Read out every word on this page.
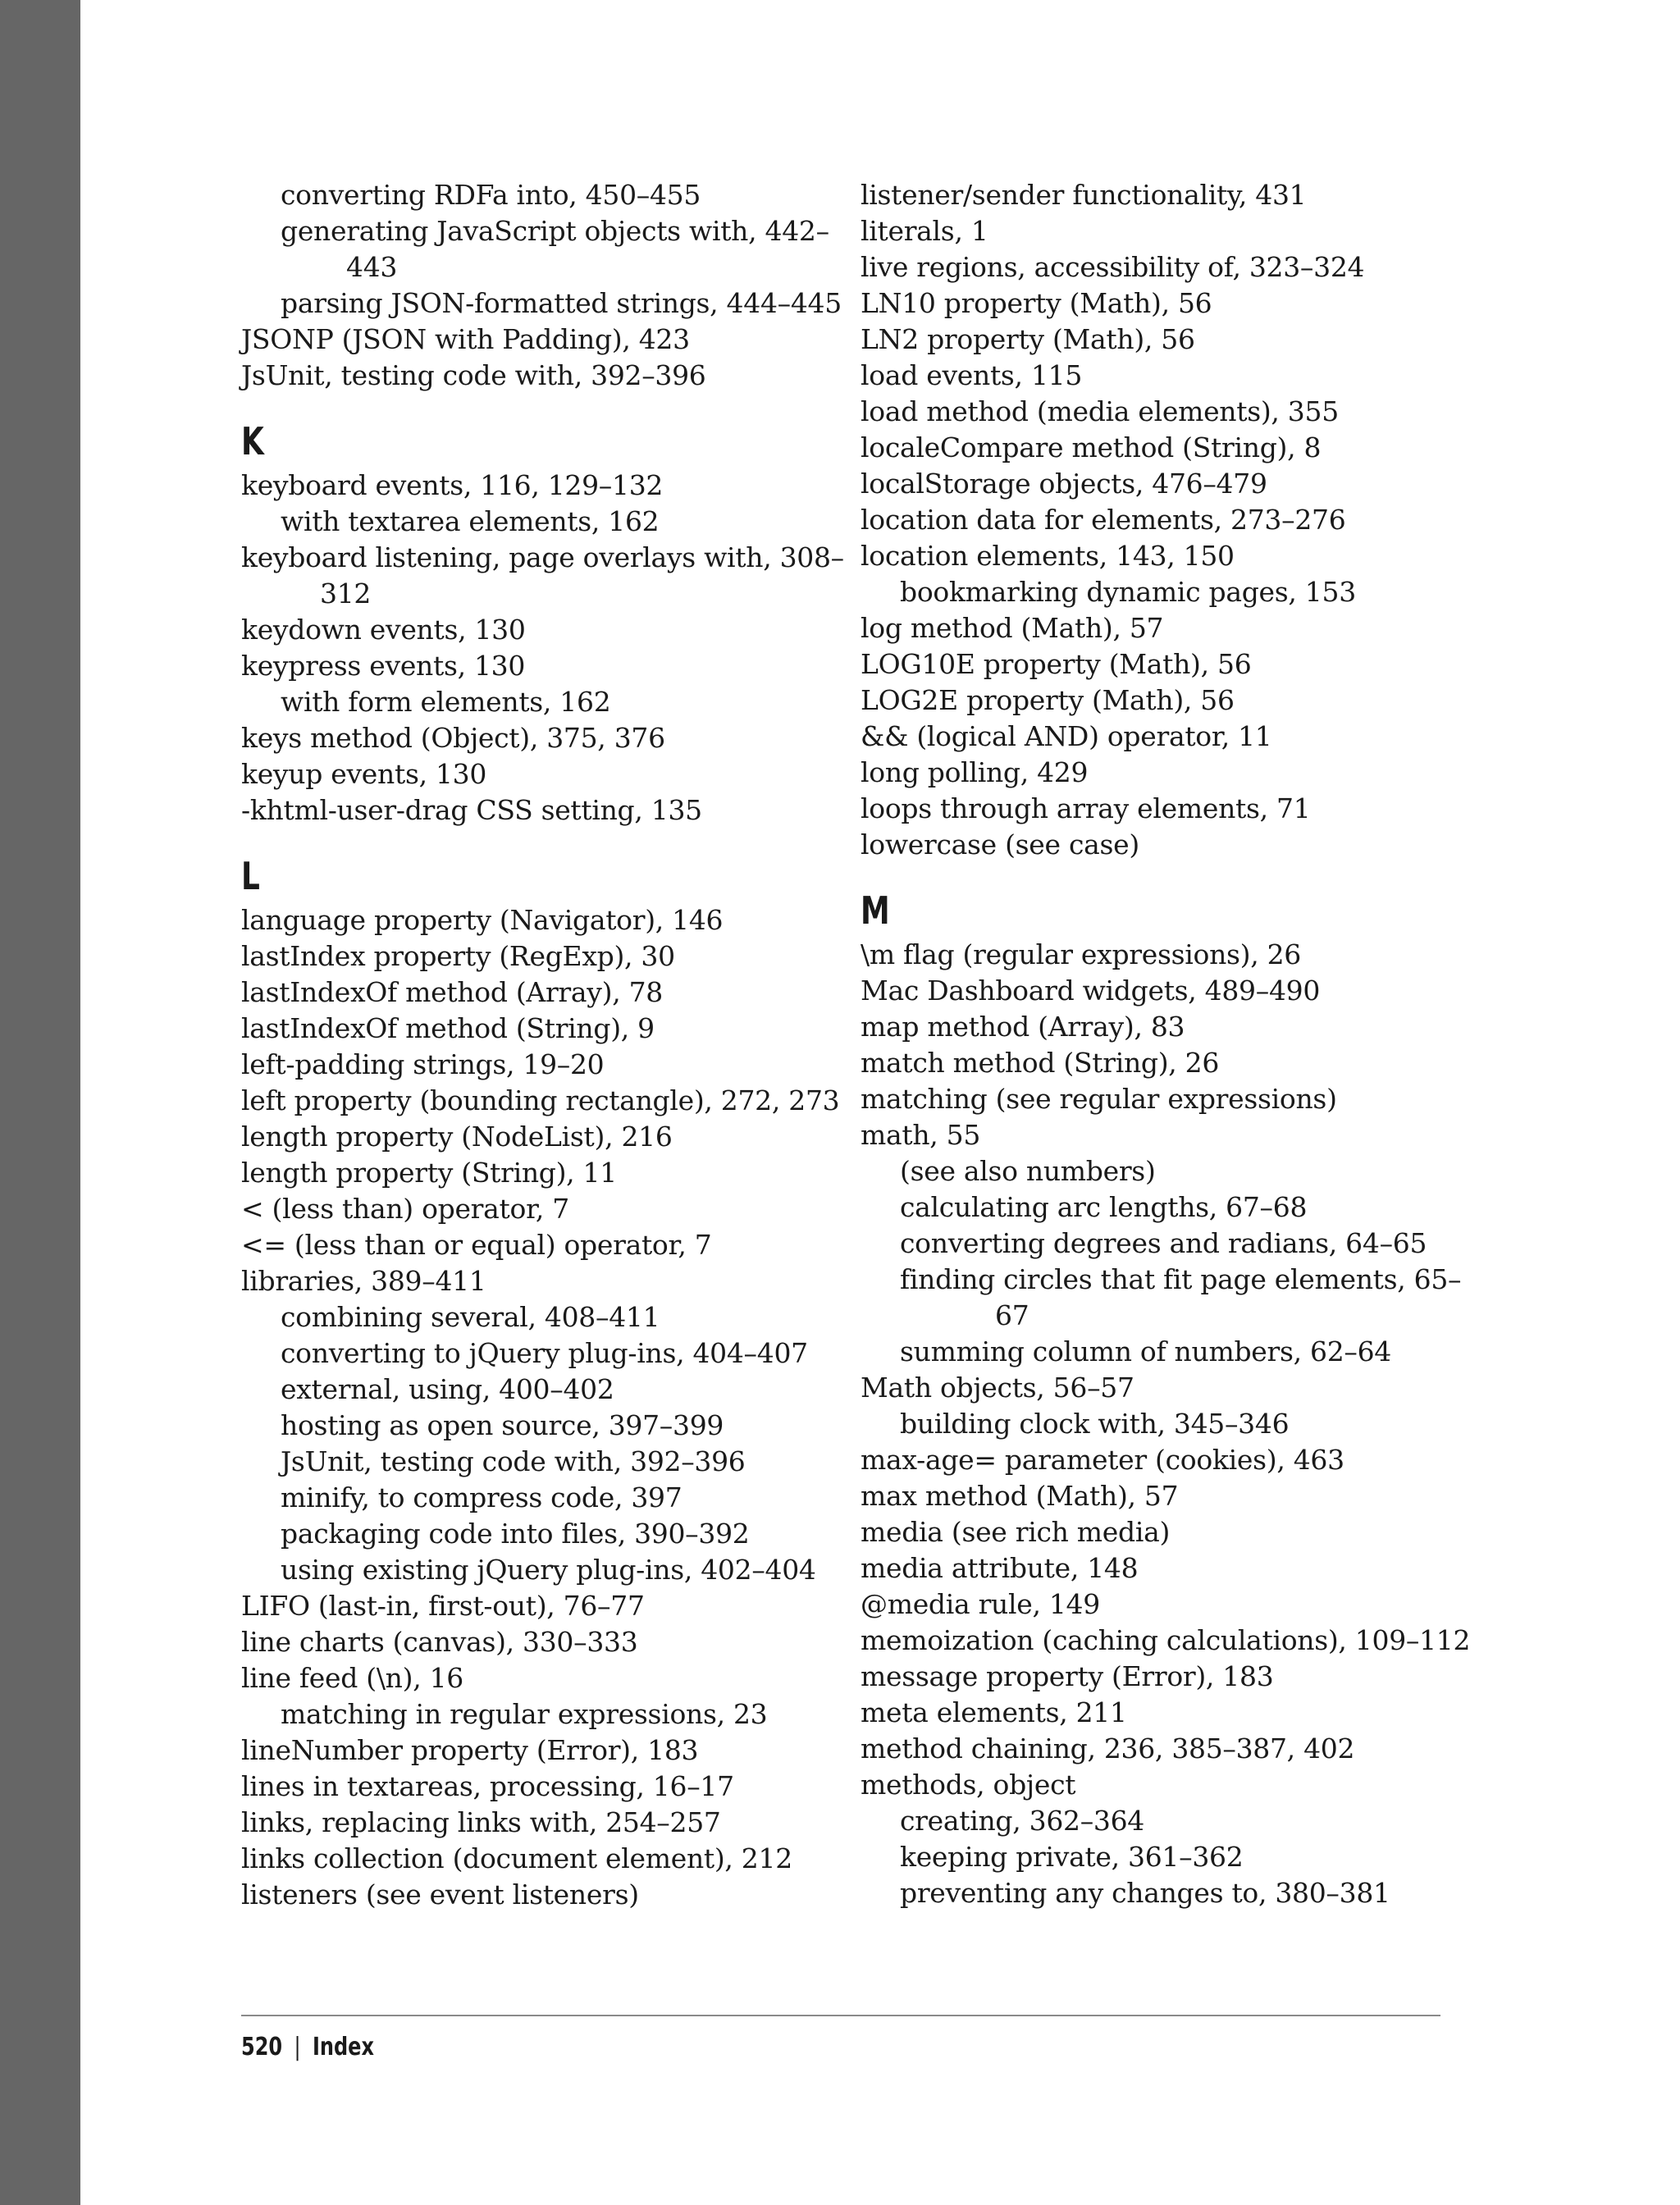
converting RDFa into, 450–455
generating JavaScript objects with, 442–
443
parsing JSON-formatted strings, 444–445
JSONP (JSON with Padding), 423
JsUnit, testing code with, 392–396
K
keyboard events, 116, 129–132
with textarea elements, 162
keyboard listening, page overlays with, 308–
312
keydown events, 130
keypress events, 130
with form elements, 162
keys method (Object), 375, 376
keyup events, 130
-khtml-user-drag CSS setting, 135
L
language property (Navigator), 146
lastIndex property (RegExp), 30
lastIndexOf method (Array), 78
lastIndexOf method (String), 9
left-padding strings, 19–20
left property (bounding rectangle), 272, 273
length property (NodeList), 216
length property (String), 11
< (less than) operator, 7
<= (less than or equal) operator, 7
libraries, 389–411
combining several, 408–411
converting to jQuery plug-ins, 404–407
external, using, 400–402
hosting as open source, 397–399
JsUnit, testing code with, 392–396
minify, to compress code, 397
packaging code into files, 390–392
using existing jQuery plug-ins, 402–404
LIFO (last-in, first-out), 76–77
line charts (canvas), 330–333
line feed (\n), 16
matching in regular expressions, 23
lineNumber property (Error), 183
lines in textareas, processing, 16–17
links, replacing links with, 254–257
links collection (document element), 212
listeners (see event listeners)
listener/sender functionality, 431
literals, 1
live regions, accessibility of, 323–324
LN10 property (Math), 56
LN2 property (Math), 56
load events, 115
load method (media elements), 355
localeCompare method (String), 8
localStorage objects, 476–479
location data for elements, 273–276
location elements, 143, 150
bookmarking dynamic pages, 153
log method (Math), 57
LOG10E property (Math), 56
LOG2E property (Math), 56
&& (logical AND) operator, 11
long polling, 429
loops through array elements, 71
lowercase (see case)
M
\m flag (regular expressions), 26
Mac Dashboard widgets, 489–490
map method (Array), 83
match method (String), 26
matching (see regular expressions)
math, 55
(see also numbers)
calculating arc lengths, 67–68
converting degrees and radians, 64–65
finding circles that fit page elements, 65–
67
summing column of numbers, 62–64
Math objects, 56–57
building clock with, 345–346
max-age= parameter (cookies), 463
max method (Math), 57
media (see rich media)
media attribute, 148
@media rule, 149
memoization (caching calculations), 109–112
message property (Error), 183
meta elements, 211
method chaining, 236, 385–387, 402
methods, object
creating, 362–364
keeping private, 361–362
preventing any changes to, 380–381
520 | Index
